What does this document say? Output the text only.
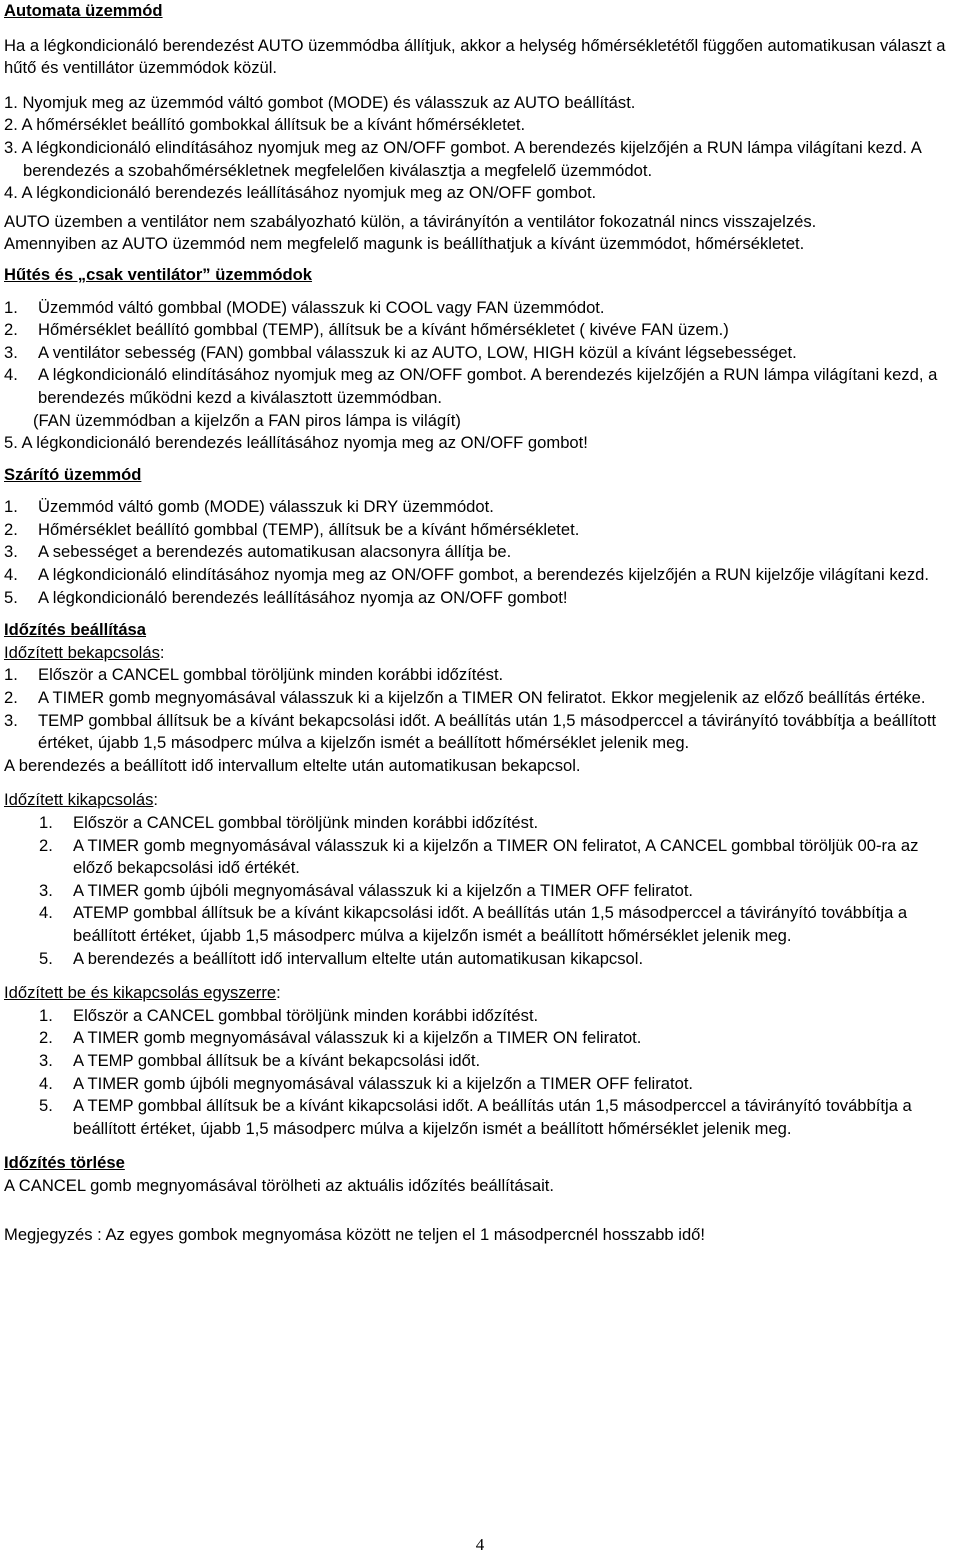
Automata üzemmód

Ha a légkondicionáló berendezést AUTO üzemmódba állítjuk, akkor a helység hőmérsékletétől függően automatikusan választ a hűtő és ventillátor üzemmódok közül.

1. Nyomjuk meg az üzemmód váltó gombot (MODE) és válasszuk az AUTO beállítást.

2. A hőmérséklet beállító gombokkal állítsuk be a kívánt hőmérsékletet.

3. A légkondicionáló elindításához nyomjuk meg az ON/OFF gombot. A berendezés kijelzőjén a RUN lámpa világítani kezd. A berendezés a szobahőmérsékletnek megfelelően kiválasztja a megfelelő üzemmódot.

4. A légkondicionáló berendezés leállításához nyomjuk meg az ON/OFF gombot.

AUTO üzemben a ventilátor nem szabályozható külön, a távirányítón a ventilátor fokozatnál nincs visszajelzés.

Amennyiben az AUTO üzemmód nem megfelelő magunk is beállíthatjuk a kívánt üzemmódot, hőmérsékletet.

Hűtés és „csak ventilátor” üzemmódok

1.	Üzemmód váltó gombbal (MODE) válasszuk ki COOL vagy FAN üzemmódot.
2.	Hőmérséklet beállító gombbal (TEMP), állítsuk be a kívánt hőmérsékletet ( kivéve FAN üzem.)
3.	A ventilátor sebesség (FAN) gombbal válasszuk ki az AUTO, LOW, HIGH közül a kívánt légsebességet.
4.	A légkondicionáló elindításához nyomjuk meg az ON/OFF gombot. A berendezés kijelzőjén a RUN lámpa világítani kezd, a berendezés működni kezd a kiválasztott üzemmódban.

(FAN üzemmódban a kijelzőn a FAN piros lámpa is világít)

5. A légkondicionáló berendezés leállításához nyomja meg az ON/OFF gombot!

Szárító üzemmód

1.	Üzemmód váltó gomb (MODE) válasszuk ki DRY üzemmódot.
2.	Hőmérséklet beállító gombbal (TEMP), állítsuk be a kívánt hőmérsékletet.
3.	A sebességet a berendezés automatikusan alacsonyra állítja be.
4.	A légkondicionáló elindításához nyomja meg az ON/OFF gombot, a berendezés kijelzőjén a RUN kijelzője világítani kezd.
5.	A légkondicionáló berendezés leállításához nyomja az ON/OFF gombot!

Időzítés beállítása

Időzített bekapcsolás:

1.	Először a CANCEL gombbal töröljünk minden korábbi időzítést.
2.	A TIMER gomb megnyomásával válasszuk ki a kijelzőn a TIMER ON feliratot. Ekkor megjelenik az előző beállítás értéke.
3.	TEMP gombbal állítsuk be a kívánt bekapcsolási időt. A beállítás után 1,5 másodperccel a távirányító továbbítja a beállított értéket, újabb 1,5 másodperc múlva a kijelzőn ismét a beállított hőmérséklet jelenik meg.

A berendezés a beállított idő intervallum eltelte után automatikusan bekapcsol.

Időzített kikapcsolás:

1.	Először a CANCEL gombbal töröljünk minden korábbi időzítést.
2.	A TIMER gomb megnyomásával válasszuk ki a kijelzőn a TIMER ON feliratot, A CANCEL gombbal töröljük 00-ra az előző bekapcsolási idő értékét.
3.	A TIMER gomb újbóli megnyomásával válasszuk ki a kijelzőn a TIMER OFF feliratot.
4.	ATEMP gombbal állítsuk be a kívánt kikapcsolási időt. A beállítás után 1,5 másodperccel a távirányító továbbítja a beállított értéket, újabb 1,5 másodperc múlva a kijelzőn ismét a beállított hőmérséklet jelenik meg.
5.	A berendezés a beállított idő intervallum eltelte után automatikusan kikapcsol.

Időzített be és kikapcsolás egyszerre:

1.	Először a CANCEL gombbal töröljünk minden korábbi időzítést.
2.	A TIMER gomb megnyomásával válasszuk ki a kijelzőn a TIMER ON feliratot.
3.	A TEMP gombbal állítsuk be a kívánt bekapcsolási időt.
4.	A TIMER gomb újbóli megnyomásával válasszuk ki a kijelzőn a TIMER OFF feliratot.
5.	A TEMP gombbal állítsuk be a kívánt kikapcsolási időt. A beállítás után 1,5 másodperccel a távirányító továbbítja a beállított értéket, újabb 1,5 másodperc múlva a kijelzőn ismét a beállított hőmérséklet jelenik meg.

Időzítés törlése

A CANCEL gomb megnyomásával törölheti az aktuális időzítés beállításait.

Megjegyzés : Az egyes gombok megnyomása között ne teljen el 1 másodpercnél hosszabb idő!

4
